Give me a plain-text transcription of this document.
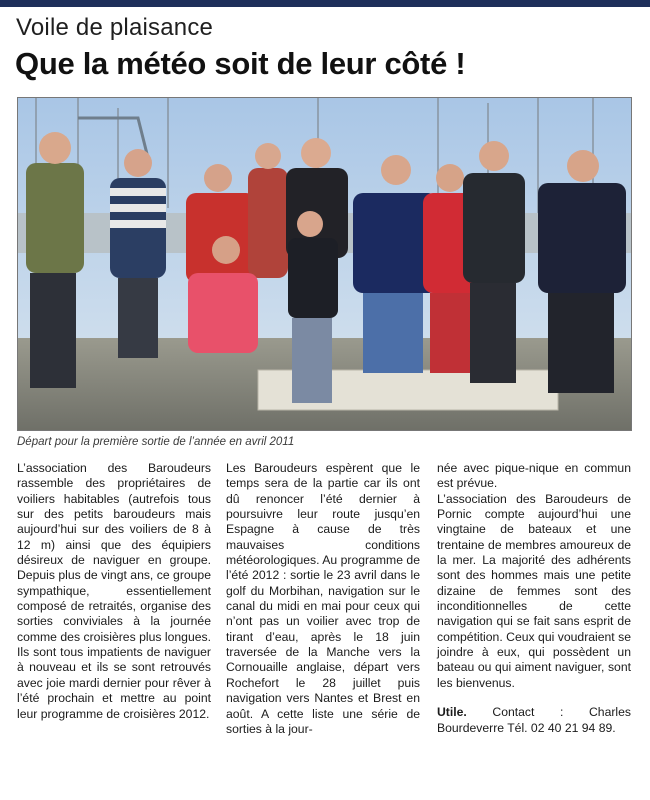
Voile de plaisance
Que la météo soit de leur côté !
Départ pour la première sortie de l’année en avril 2011

L’association des Baroudeurs rassemble des propriétaires de voiliers habitables (autrefois tous sur des petits baroudeurs mais aujourd’hui sur des voiliers de 8 à 12 m) ainsi que des équipiers désireux de naviguer en groupe. Depuis plus de vingt ans, ce groupe sympathique, essentiellement composé de retraités, organise des sorties conviviales à la journée comme des croisières plus longues. Ils sont tous impatients de naviguer à nouveau et ils se sont retrouvés avec joie mardi dernier pour rêver à l’été prochain et mettre au point leur programme de croisières 2012.

Les Baroudeurs espèrent que le temps sera de la partie car ils ont dû renoncer l’été dernier à poursuivre leur route jusqu’en Espagne à cause de très mauvaises conditions météorologiques. Au programme de l’été 2012 : sortie le 23 avril dans le golf du Morbihan, navigation sur le canal du midi en mai pour ceux qui n’ont pas un voilier avec trop de tirant d’eau, après le 18 juin traversée de la Manche vers la Cornouaille anglaise, départ vers Rochefort le 28 juillet puis navigation vers Nantes et Brest en août. A cette liste une série de sorties à la jour-

née avec pique-nique en commun est prévue.

L’association des Baroudeurs de Pornic compte aujourd’hui une vingtaine de bateaux et une trentaine de membres amoureux de la mer. La majorité des adhérents sont des hommes mais une petite dizaine de femmes sont des inconditionnelles de cette navigation qui se fait sans esprit de compétition. Ceux qui voudraient se joindre à eux, qui possèdent un bateau ou qui aiment naviguer, sont les bienvenus.

Utile. Contact : Charles Bourdeverre Tél. 02 40 21 94 89.
